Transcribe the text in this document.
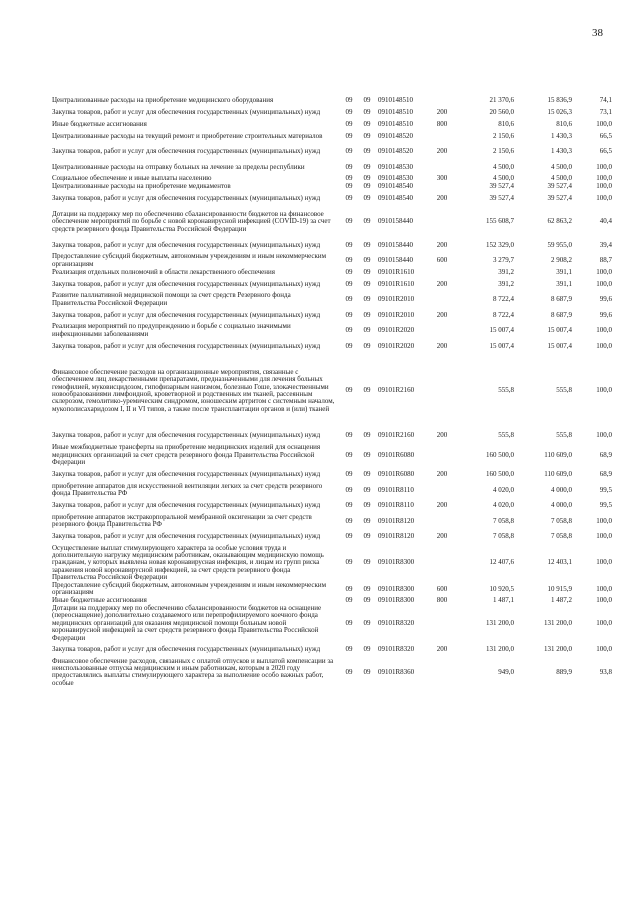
38
Централизованные расходы на приобретение медицинского оборудования	09	09	0910148510		21 370,6	15 836,9	74,1
Закупка товаров, работ и услуг для обеспечения государственных (муниципальных) нужд	09	09	0910148510	200	20 560,0	15 026,3	73,1
Иные бюджетные ассигнования	09	09	0910148510	800	810,6	810,6	100,0
Централизованные расходы на текущий ремонт и приобретение строительных материалов	09	09	0910148520		2 150,6	1 430,3	66,5
Закупка товаров, работ и услуг для обеспечения государственных (муниципальных) нужд	09	09	0910148520	200	2 150,6	1 430,3	66,5
Централизованные расходы на отправку больных на лечение за пределы республики	09	09	0910148530		4 500,0	4 500,0	100,0
Социальное обеспечение и иные выплаты населению	09	09	0910148530	300	4 500,0	4 500,0	100,0
Централизованные расходы на приобретение медикаментов	09	09	0910148540		39 527,4	39 527,4	100,0
Закупка товаров, работ и услуг для обеспечения государственных (муниципальных) нужд	09	09	0910148540	200	39 527,4	39 527,4	100,0
Дотации на поддержку мер по обеспечению сбалансированности бюджетов на финансовое обеспечение мероприятий по борьбе с новой коронавирусной инфекцией (COVID-19) за счет средств резервного фонда Правительства Российской Федерации	09	09	0910158440		155 608,7	62 863,2	40,4
Закупка товаров, работ и услуг для обеспечения государственных (муниципальных) нужд	09	09	0910158440	200	152 329,0	59 955,0	39,4
Предоставление субсидий бюджетным, автономным учреждениям и иным некоммерческим организациям	09	09	0910158440	600	3 279,7	2 908,2	88,7
Реализация отдельных полномочий в области лекарственного обеспечения	09	09	09101R1610		391,2	391,1	100,0
Закупка товаров, работ и услуг для обеспечения государственных (муниципальных) нужд	09	09	09101R1610	200	391,2	391,1	100,0
Развитие паллиативной медицинской помощи за счет средств Резервного фонда Правительства Российской Федерации	09	09	09101R2010		8 722,4	8 687,9	99,6
Закупка товаров, работ и услуг для обеспечения государственных (муниципальных) нужд	09	09	09101R2010	200	8 722,4	8 687,9	99,6
Реализация мероприятий по предупреждению и борьбе с социально значимыми инфекционными заболеваниями	09	09	09101R2020		15 007,4	15 007,4	100,0
Закупка товаров, работ и услуг для обеспечения государственных (муниципальных) нужд	09	09	09101R2020	200	15 007,4	15 007,4	100,0
Финансовое обеспечение расходов на организационные мероприятия, связанные с обеспечением лиц лекарственными препаратами, предназначенными для лечения больных гемофилией, муковисцидозом, гипофизарным нанизмом, болезнью Гоше, злокачественными новообразованиями лимфоидной, кроветворной и родственных им тканей, рассеянным склерозом, гемолитико-уремическим синдромом, юношеским артритом с системным началом, мукополисахаридозом I, II и VI типов, а также после трансплантации органов и (или) тканей	09	09	09101R2160		555,8	555,8	100,0
Закупка товаров, работ и услуг для обеспечения государственных (муниципальных) нужд	09	09	09101R2160	200	555,8	555,8	100,0
Иные межбюджетные трансферты на приобретение медицинских изделий для оснащения медицинских организаций за счет средств резервного фонда Правительства Российской Федерации	09	09	09101R6080		160 500,0	110 609,0	68,9
Закупка товаров, работ и услуг для обеспечения государственных (муниципальных) нужд	09	09	09101R6080	200	160 500,0	110 609,0	68,9
приобретение аппаратов для искусственной вентиляции легких за счет средств резервного фонда Правительства РФ	09	09	09101R8110		4 020,0	4 000,0	99,5
Закупка товаров, работ и услуг для обеспечения государственных (муниципальных) нужд	09	09	09101R8110	200	4 020,0	4 000,0	99,5
приобретение аппаратов экстракорпоральной мембранной оксигенации за счет средств резервного фонда Правительства РФ	09	09	09101R8120		7 058,8	7 058,8	100,0
Закупка товаров, работ и услуг для обеспечения государственных (муниципальных) нужд	09	09	09101R8120	200	7 058,8	7 058,8	100,0
Осуществление выплат стимулирующего характера за особые условия труда и дополнительную нагрузку медицинским работникам, оказывающим медицинскую помощь гражданам, у которых выявлена новая коронавирусная инфекция, и лицам из групп риска заражения новой коронавирусной инфекцией, за счет средств резервного фонда Правительства Российской Федерации	09	09	09101R8300		12 407,6	12 403,1	100,0
Предоставление субсидий бюджетным, автономным учреждениям и иным некоммерческим организациям	09	09	09101R8300	600	10 920,5	10 915,9	100,0
Иные бюджетные ассигнования	09	09	09101R8300	800	1 487,1	1 487,2	100,0
Дотации на поддержку мер по обеспечению сбалансированности бюджетов на оснащение (переоснащение) дополнительно создаваемого или перепрофилируемого коечного фонда медицинских организаций для оказания медицинской помощи больным новой коронавирусной инфекцией за счет средств резервного фонда Правительства Российской Федерации	09	09	09101R8320		131 200,0	131 200,0	100,0
Закупка товаров, работ и услуг для обеспечения государственных (муниципальных) нужд	09	09	09101R8320	200	131 200,0	131 200,0	100,0
Финансовое обеспечение расходов, связанных с оплатой отпусков и выплатой компенсации за неиспользованные отпуска медицинским и иным работникам, которым в 2020 году предоставлялись выплаты стимулирующего характера за выполнение особо важных работ, особые	09	09	09101R8360		949,0	889,9	93,8
